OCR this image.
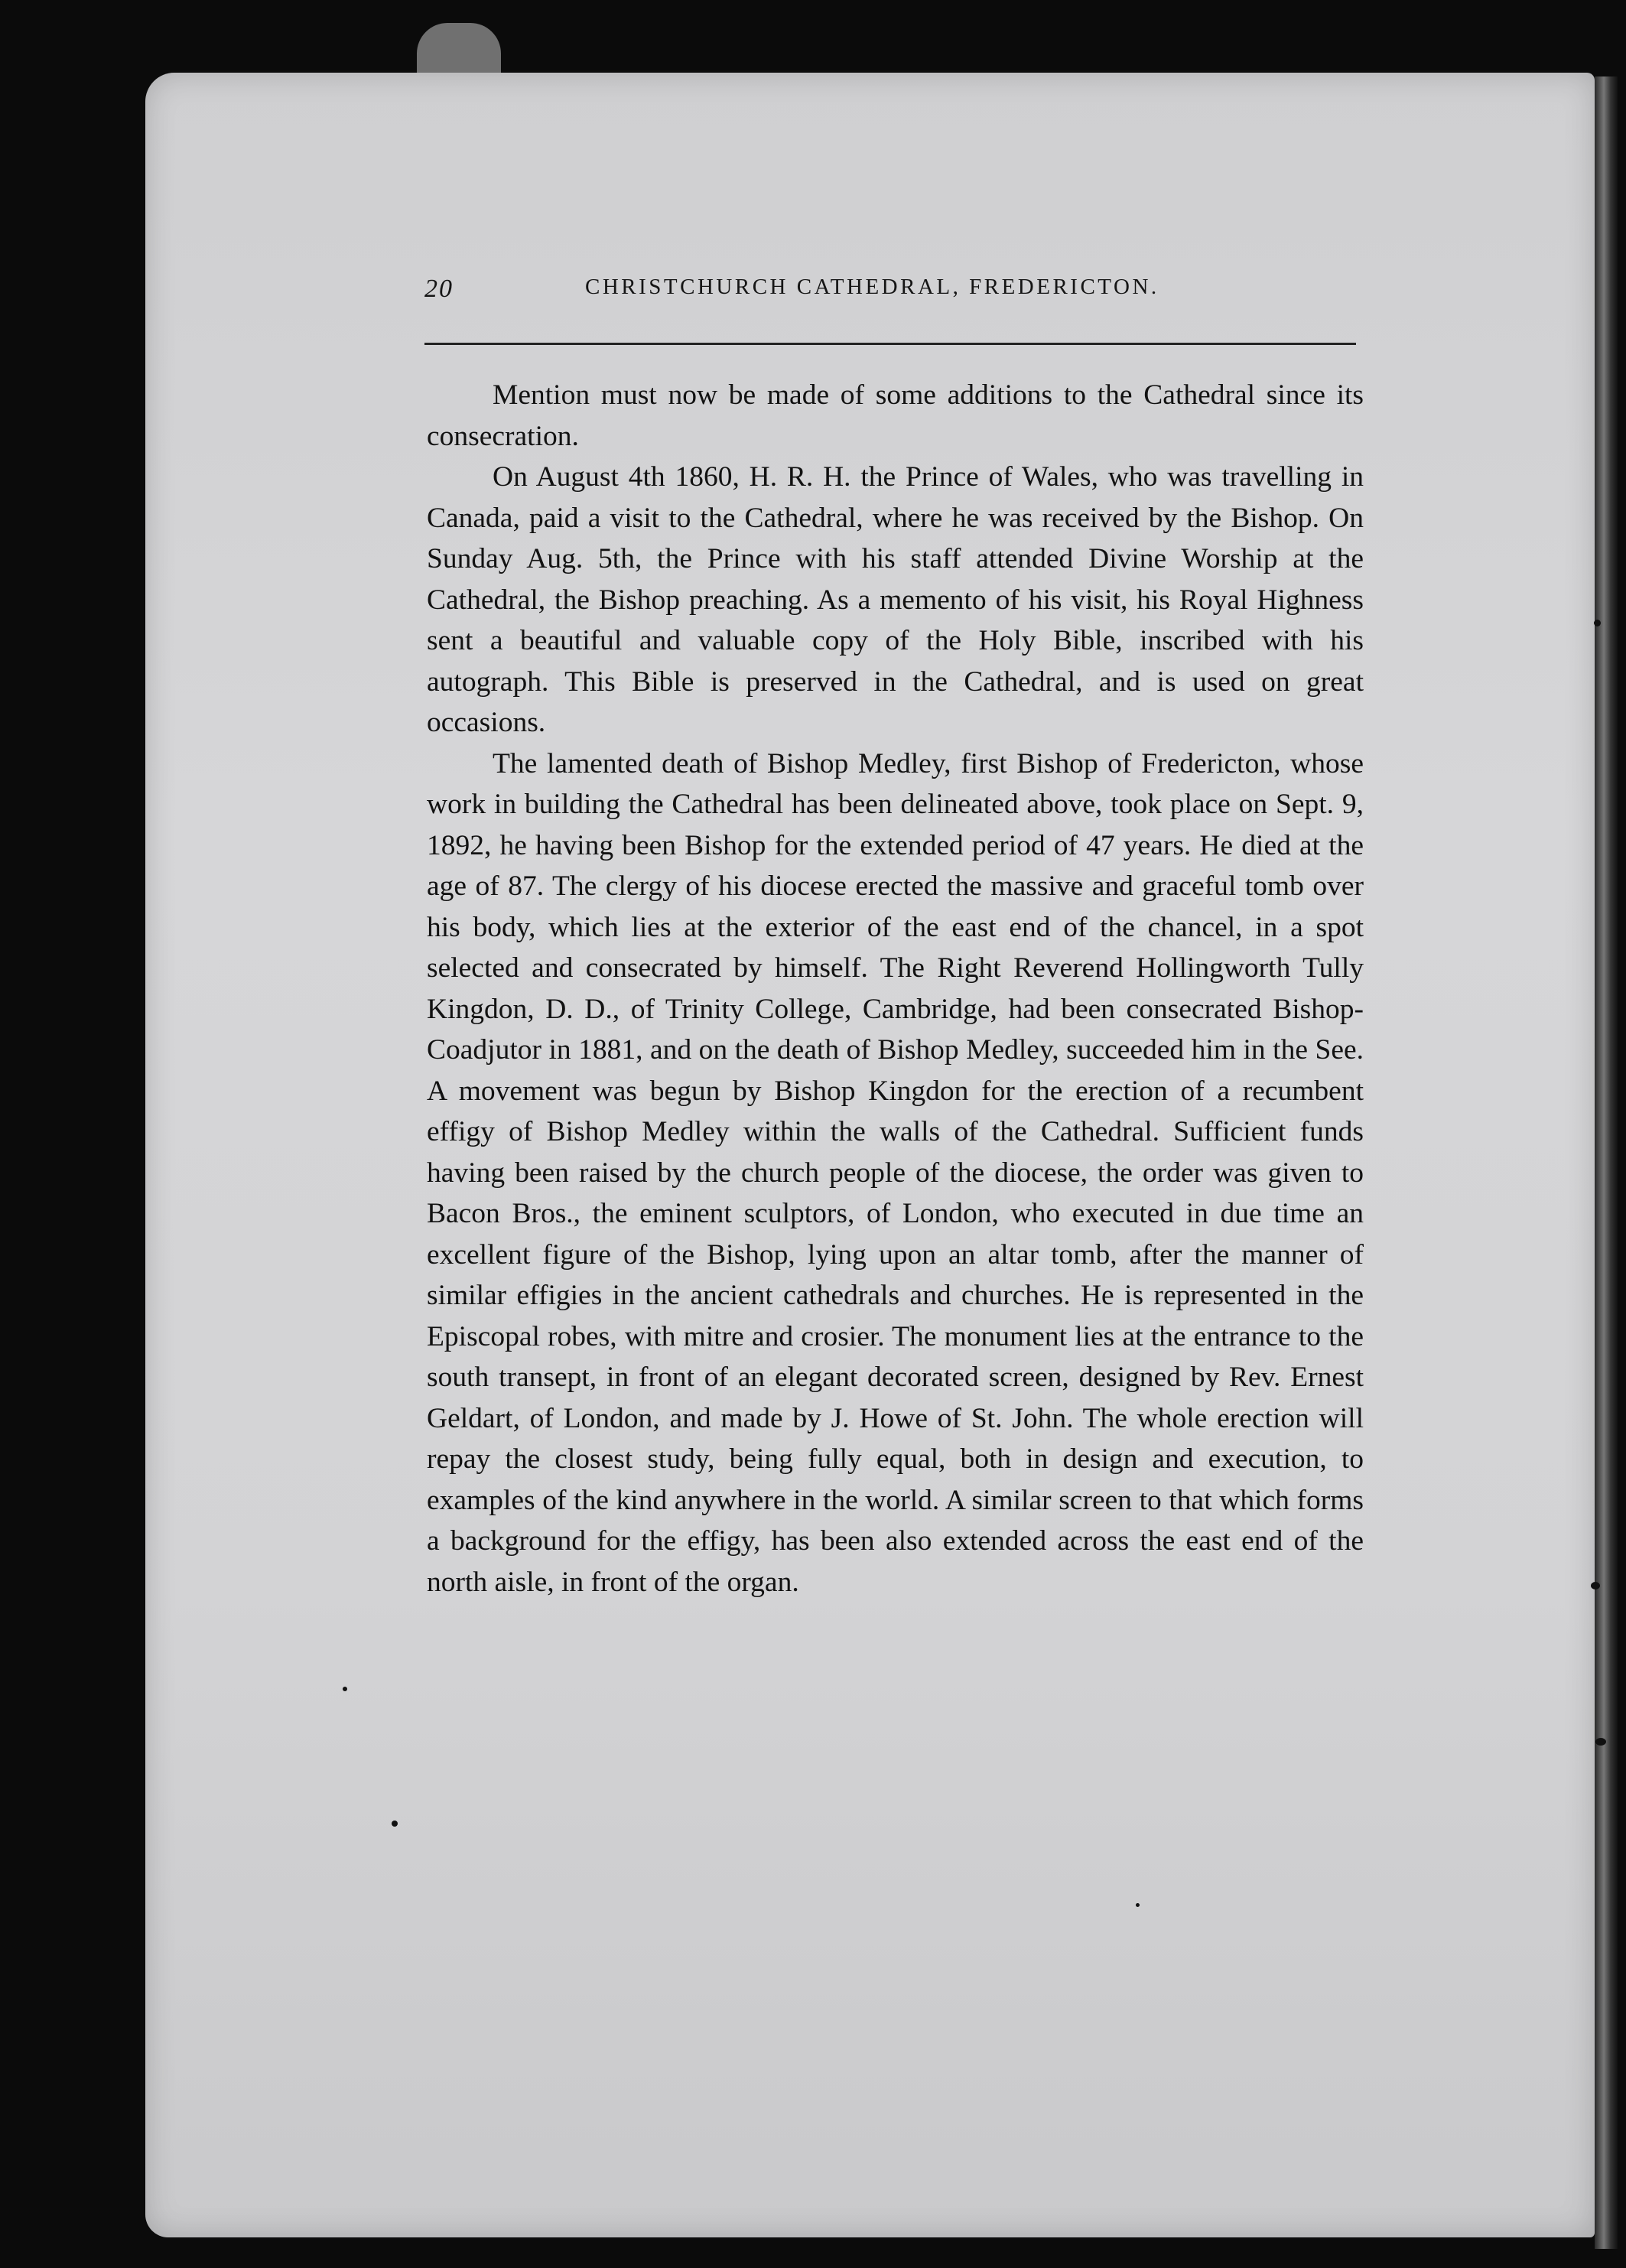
20	CHRISTCHURCH CATHEDRAL, FREDERICTON.

Mention must now be made of some additions to the Cathedral since its consecration.

On August 4th 1860, H. R. H. the Prince of Wales, who was travelling in Canada, paid a visit to the Cathedral, where he was received by the Bishop. On Sunday Aug. 5th, the Prince with his staff attended Divine Worship at the Cathedral, the Bishop preaching. As a memento of his visit, his Royal Highness sent a beautiful and valuable copy of the Holy Bible, inscribed with his autograph. This Bible is preserved in the Cathedral, and is used on great occasions.

The lamented death of Bishop Medley, first Bishop of Fredericton, whose work in building the Cathedral has been delineated above, took place on Sept. 9, 1892, he having been Bishop for the extended period of 47 years. He died at the age of 87. The clergy of his diocese erected the massive and graceful tomb over his body, which lies at the exterior of the east end of the chancel, in a spot selected and consecrated by himself. The Right Reverend Hollingworth Tully Kingdon, D. D., of Trinity College, Cambridge, had been consecrated Bishop-Coadjutor in 1881, and on the death of Bishop Medley, succeeded him in the See. A movement was begun by Bishop Kingdon for the erection of a recumbent effigy of Bishop Medley within the walls of the Cathedral. Sufficient funds having been raised by the church people of the diocese, the order was given to Bacon Bros., the eminent sculptors, of London, who executed in due time an excellent figure of the Bishop, lying upon an altar tomb, after the manner of similar effigies in the ancient cathedrals and churches. He is represented in the Episcopal robes, with mitre and crosier. The monument lies at the entrance to the south transept, in front of an elegant decorated screen, designed by Rev. Ernest Geldart, of London, and made by J. Howe of St. John. The whole erection will repay the closest study, being fully equal, both in design and execution, to examples of the kind anywhere in the world. A similar screen to that which forms a background for the effigy, has been also extended across the east end of the north aisle, in front of the organ.
